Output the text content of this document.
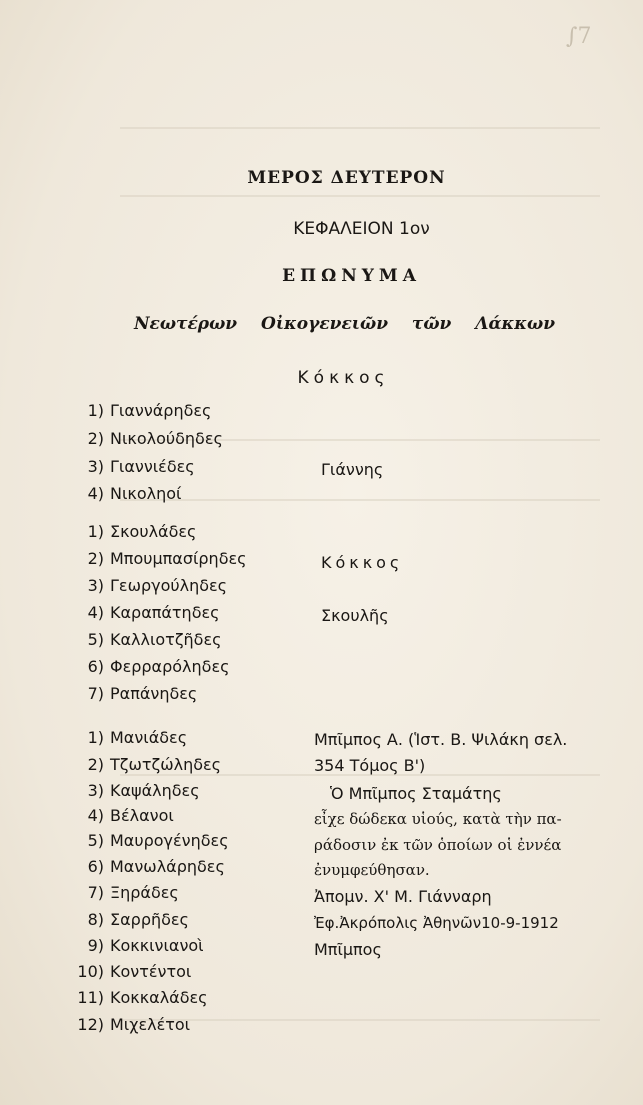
∫7
ΜΕΡΟΣ ΔΕΥΤΕΡΟΝ
ΚΕΦΑΛΕΙΟΝ 1ον
ΕΠΩΝΥΜΑ
Νεωτέρων Οἰκογενειῶν τῶν Λάκκων
Κόκκος
1) Γιαννάρηδες
2) Νικολούδηδες
3) Γιαννιέδες
4) Νικοληοί
Γιάννης
1) Σκουλάδες
2) Μπουμπασίρηδες
3) Γεωργούληδες
4) Καραπάτηδες
5) Καλλιοτζῆδες
6) Φερραρόληδες
7) Ραπάνηδες
Κόκκος
Σκουλῆς
1) Μανιάδες
2) Τζωτζώληδες
3) Καψάληδες
4) Βέλανοι
5) Μαυρογένηδες
6) Μανωλάρηδες
7) Ξηράδες
8) Σαρρῆδες
9) Κοκκινιανοὶ
10) Κοντέντοι
11) Κοκκαλάδες
12) Μιχελέτοι
Μπῖμπος Α. (Ἱστ. Β. Ψιλάκη σελ.
354 Τόμος Β')
Ὁ Μπῖμπος Σταμάτης
εἶχε δώδεκα υἱούς, κατὰ τὴν πα-
ράδοσιν ἐκ τῶν ὁποίων οἱ ἐννέα
ἐνυμφεύθησαν.
Ἀπομν. Χ' Μ. Γιάνναρη
Ἐφ.Ἀκρόπολις Ἀθηνῶν10-9-1912
Μπῖμπος
